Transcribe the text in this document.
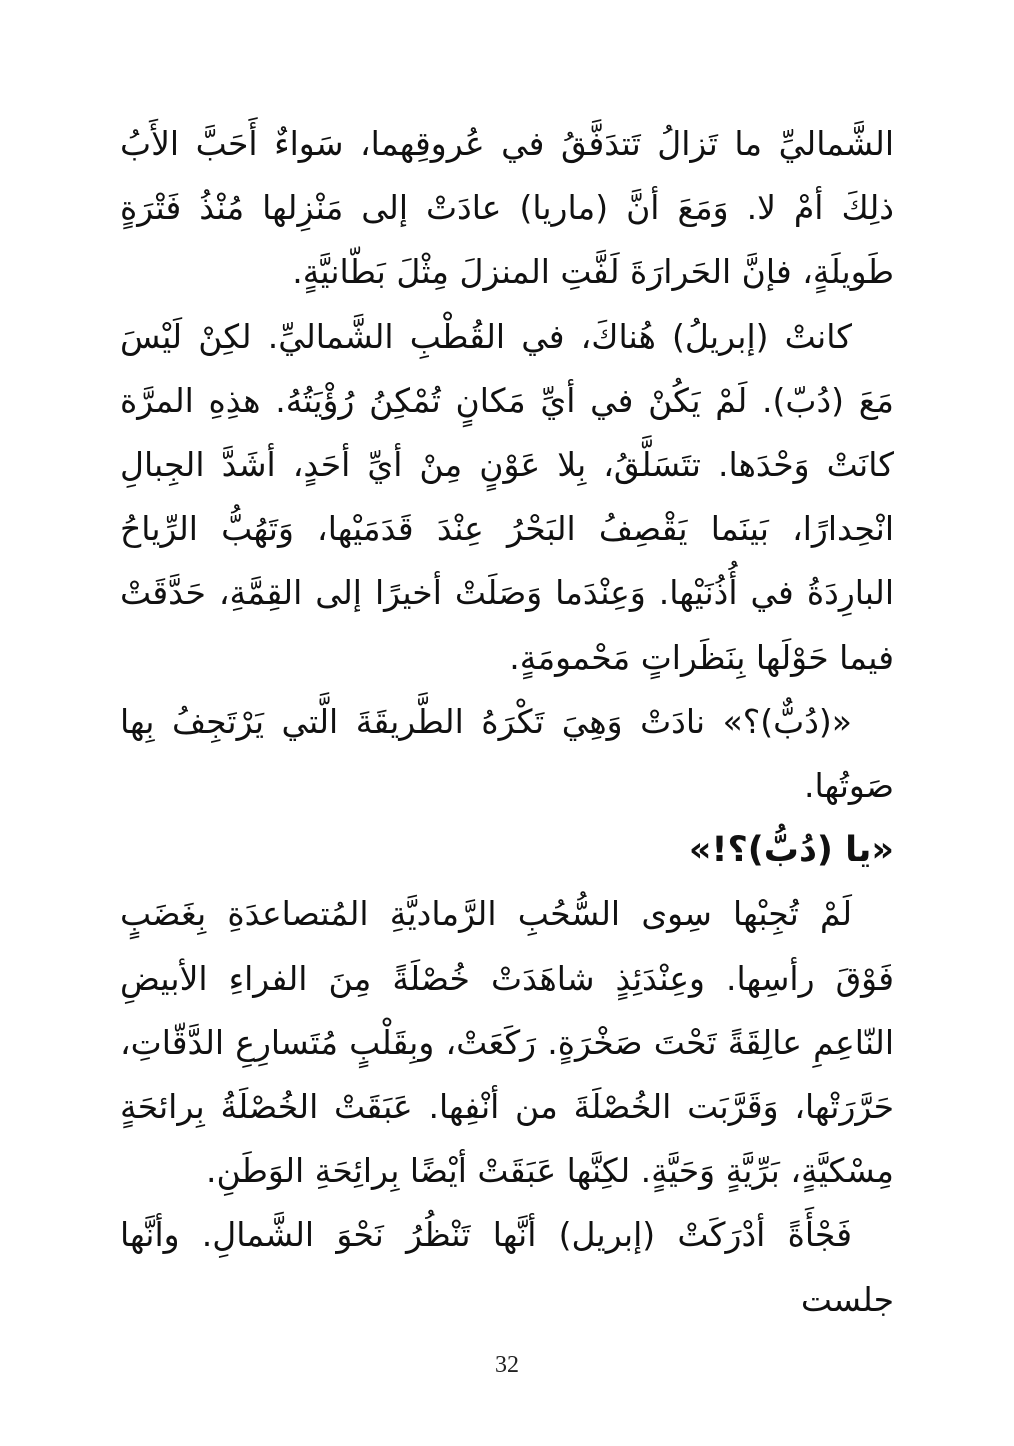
الشَّماليِّ ما تَزالُ تَتدَفَّقُ في عُروقِهما، سَواءٌ أَحَبَّ الأَبُ ذلِكَ أمْ لا. وَمَعَ أنَّ (ماريا) عادَتْ إلى مَنْزِلها مُنْذُ فَتْرَةٍ طَويلَةٍ، فإنَّ الحَرارَةَ لَفَّتِ المنزلَ مِثْلَ بَطّانيَّةٍ.

كانتْ (إبريلُ) هُناكَ، في القُطْبِ الشَّماليِّ. لكِنْ لَيْسَ مَعَ (دُبّ). لَمْ يَكُنْ في أيِّ مَكانٍ تُمْكِنُ رُؤْيَتُهُ. هذِهِ المرَّة كانَتْ وَحْدَها. تتَسَلَّقُ، بِلا عَوْنٍ مِنْ أيِّ أحَدٍ، أشَدَّ الجِبالِ انْحِدارًا، بَينَما يَقْصِفُ البَحْرُ عِنْدَ قَدَمَيْها، وَتَهُبُّ الرِّياحُ البارِدَةُ في أُذُنَيْها. وَعِنْدَما وَصَلَتْ أخيرًا إلى القِمَّةِ، حَدَّقَتْ فيما حَوْلَها بِنَظَراتٍ مَحْمومَةٍ.

«(دُبٌّ)؟» نادَتْ وَهِيَ تَكْرَهُ الطَّريقَةَ الَّتي يَرْتَجِفُ بِها صَوتُها.

«يا (دُبُّ)؟!»

لَمْ تُجِبْها سِوى السُّحُبِ الرَّماديَّةِ المُتصاعدَةِ بِغَضَبٍ فَوْقَ رأسِها. وعِنْدَئِذٍ شاهَدَتْ خُصْلَةً مِنَ الفراءِ الأبيضِ النّاعِمِ عالِقَةً تَحْتَ صَخْرَةٍ. رَكَعَتْ، وبِقَلْبٍ مُتَسارِعِ الدَّقّاتِ، حَرَّرَتْها، وَقَرَّبَت الخُصْلَةَ من أنْفِها. عَبَقَتْ الخُصْلَةُ بِرائحَةٍ مِسْكيَّةٍ، بَرِّيَّةٍ وَحَيَّةٍ. لكِنَّها عَبَقَتْ أيْضًا بِرائِحَةِ الوَطَنِ.

فَجْأَةً أدْرَكَتْ (إبريل) أنَّها تَنْظُرُ نَحْوَ الشَّمالِ. وأنَّها جلست

32
